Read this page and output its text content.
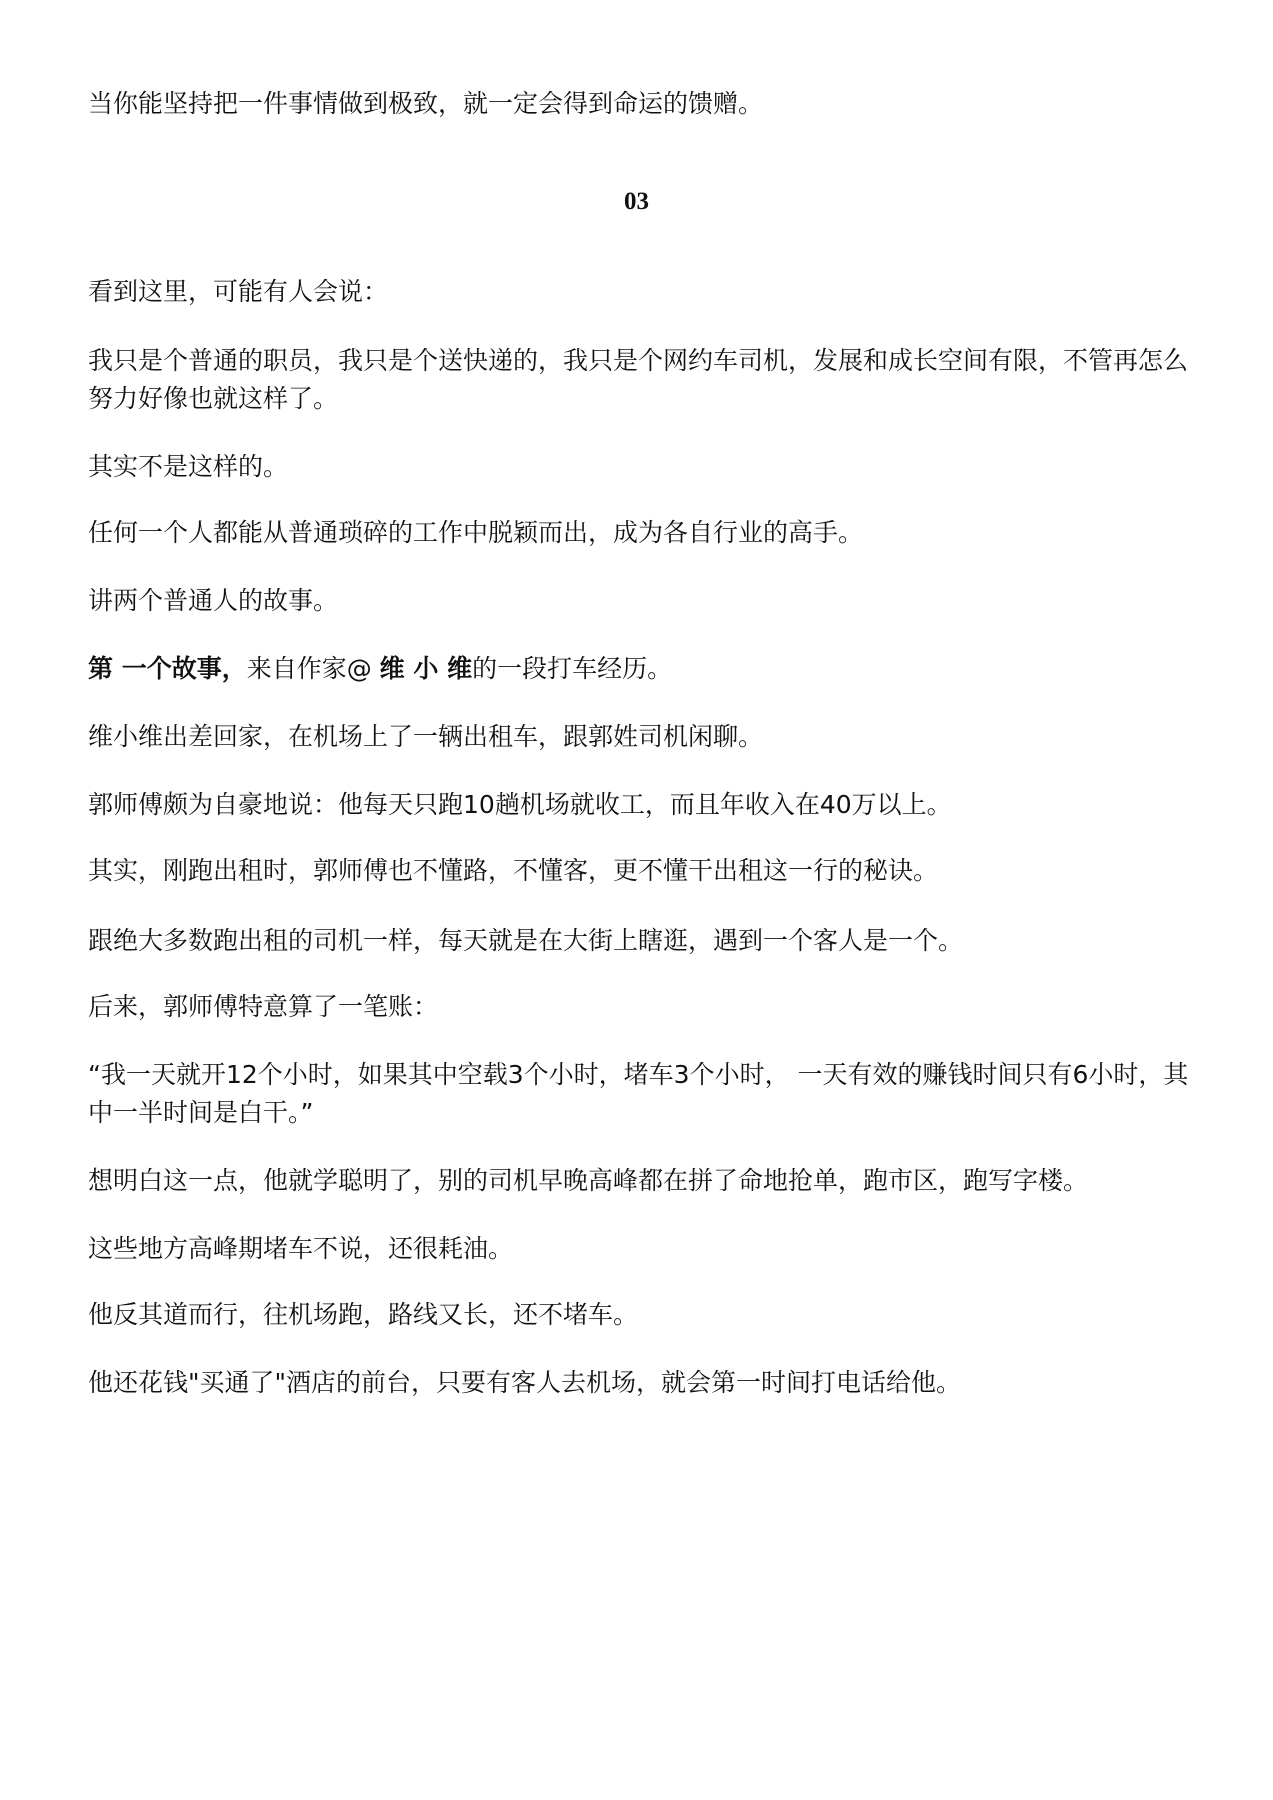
当你能坚持把一件事情做到极致，就一定会得到命运的馈赠。

03

看到这里，可能有人会说：

我只是个普通的职员，我只是个送快递的，我只是个网约车司机，发展和成长空间有限，不管再怎么努力好像也就这样了。

其实不是这样的。

任何一个人都能从普通琐碎的工作中脱颖而出，成为各自行业的高手。

讲两个普通人的故事。

第 一个故事，来自作家@ 维 小 维的一段打车经历。

维小维出差回家，在机场上了一辆出租车，跟郭姓司机闲聊。

郭师傅颇为自豪地说：他每天只跑10趟机场就收工，而且年收入在40万以上。

其实，刚跑出租时，郭师傅也不懂路，不懂客，更不懂干出租这一行的秘诀。

跟绝大多数跑出租的司机一样，每天就是在大街上瞎逛，遇到一个客人是一个。

后来，郭师傅特意算了一笔账：

“我一天就开12个小时，如果其中空载3个小时，堵车3个小时， 一天有效的赚钱时间只有6小时，其中一半时间是白干。”

想明白这一点，他就学聪明了，别的司机早晚高峰都在拼了命地抢单，跑市区，跑写字楼。

这些地方高峰期堵车不说，还很耗油。

他反其道而行，往机场跑，路线又长，还不堵车。

他还花钱"买通了"酒店的前台，只要有客人去机场，就会第一时间打电话给他。
